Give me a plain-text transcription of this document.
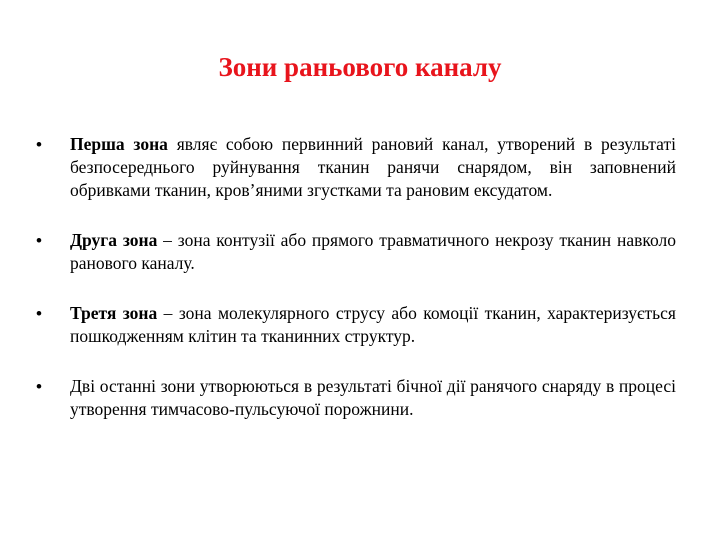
Зони раньового каналу
• Перша зона являє собою первинний рановий канал, утворений в результаті безпосереднього руйнування тканин ранячи снарядом, він заповнений обривками тканин, кров’яними згустками та рановим ексудатом.
• Друга зона – зона контузії або прямого травматичного некрозу тканин навколо ранового каналу.
• Третя зона – зона молекулярного струсу або комоції тканин, характеризується пошкодженням клітин та тканинних структур.
• Дві останні зони утворюються в результаті бічної дії ранячого снаряду в процесі утворення тимчасово-пульсуючої порожнини.
